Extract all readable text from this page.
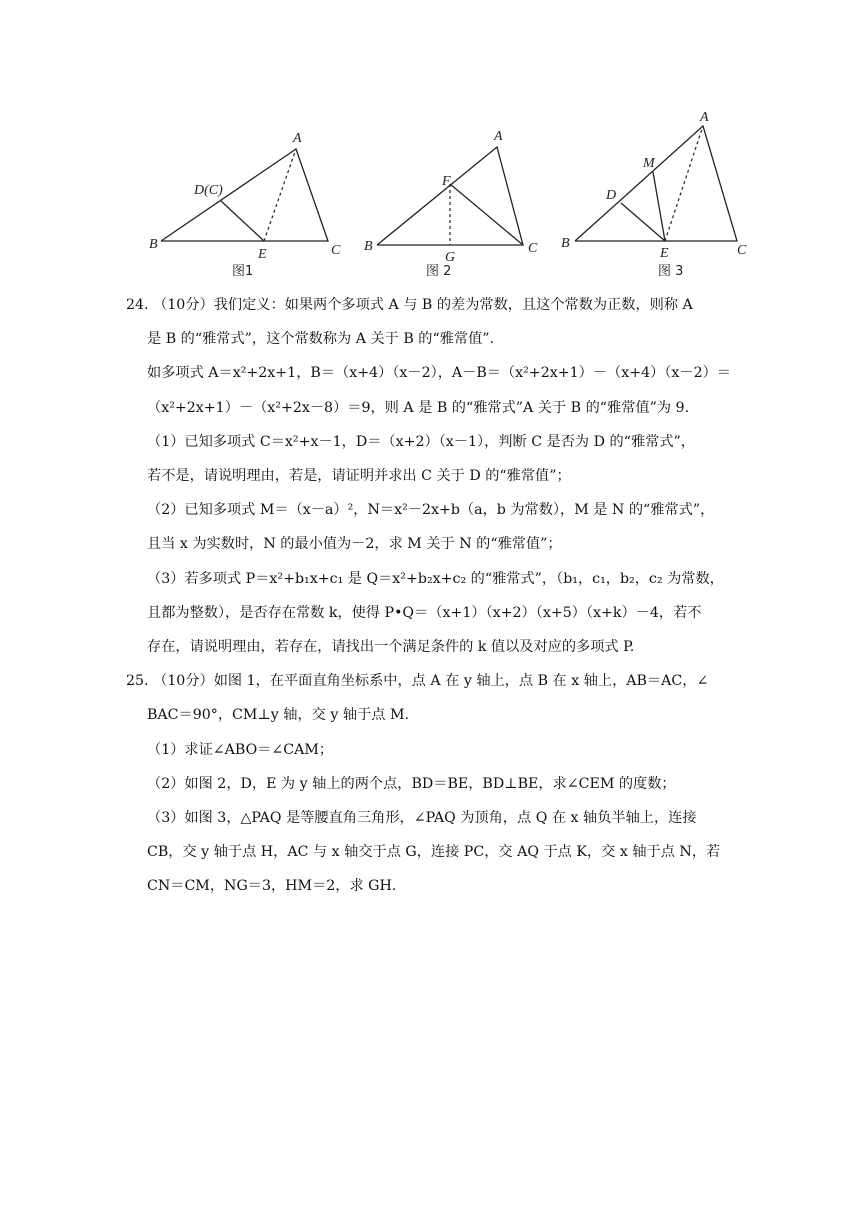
A
B	C
D(C)
E
图1
A
B	C
F
G
图 2
A
B	C
D
E
M
图 3

24. （10分）我们定义：如果两个多项式 A 与 B 的差为常数，且这个常数为正数，则称 A

是 B 的“雅常式”，这个常数称为 A 关于 B 的“雅常值”.

如多项式 A＝x²+2x+1，B＝（x+4）（x－2），A－B＝（x²+2x+1）－（x+4）（x－2）＝

（x²+2x+1）－（x²+2x－8）＝9，则 A 是 B 的“雅常式”A 关于 B 的“雅常值”为 9.

（1）已知多项式 C＝x²+x－1，D＝（x+2）（x－1），判断 C 是否为 D 的“雅常式”，

若不是，请说明理由，若是，请证明并求出 C 关于 D 的“雅常值”；

（2）已知多项式 M＝（x－a）²，N＝x²－2x+b（a，b 为常数），M 是 N 的“雅常式”，

且当 x 为实数时，N 的最小值为－2，求 M 关于 N 的“雅常值”；

（3）若多项式 P＝x²+b₁x+c₁ 是 Q＝x²+b₂x+c₂ 的“雅常式”，（b₁，c₁，b₂，c₂ 为常数，

且都为整数），是否存在常数 k，使得 P•Q＝（x+1）（x+2）（x+5）（x+k）－4，若不

存在，请说明理由，若存在，请找出一个满足条件的 k 值以及对应的多项式 P.

25. （10分）如图 1，在平面直角坐标系中，点 A 在 y 轴上，点 B 在 x 轴上，AB＝AC，∠

BAC＝90°，CM⊥y 轴，交 y 轴于点 M.

（1）求证∠ABO＝∠CAM；

（2）如图 2，D，E 为 y 轴上的两个点，BD＝BE，BD⊥BE，求∠CEM 的度数；

（3）如图 3，△PAQ 是等腰直角三角形，∠PAQ 为顶角，点 Q 在 x 轴负半轴上，连接

CB，交 y 轴于点 H，AC 与 x 轴交于点 G，连接 PC，交 AQ 于点 K，交 x 轴于点 N，若

CN＝CM，NG＝3，HM＝2，求 GH.
